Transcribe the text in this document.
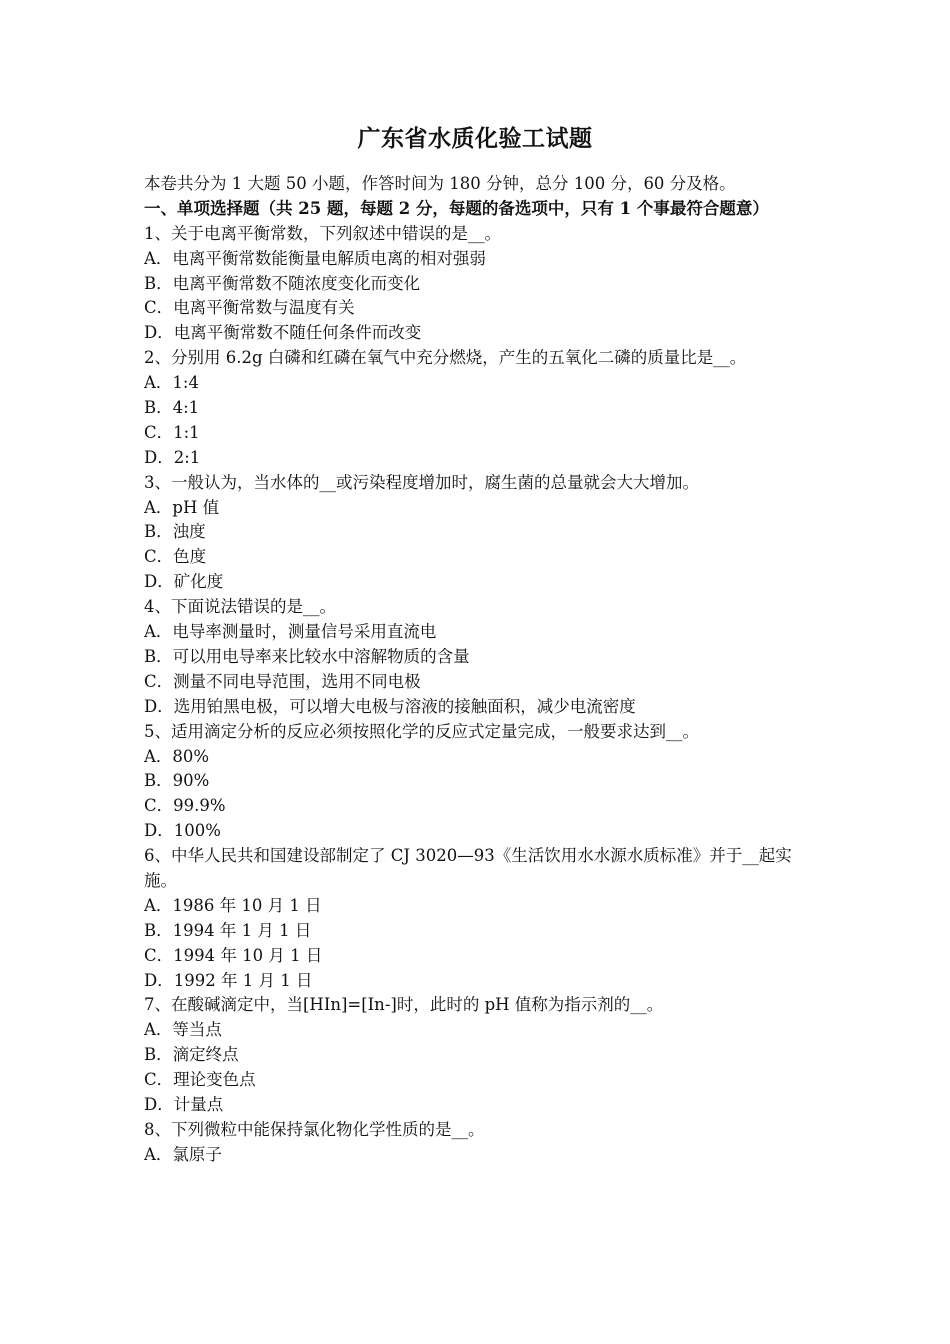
广东省水质化验工试题
本卷共分为 1 大题 50 小题，作答时间为 180 分钟，总分 100 分，60 分及格。
一、单项选择题（共 25 题，每题 2 分，每题的备选项中，只有 1 个事最符合题意）
1、关于电离平衡常数，下列叙述中错误的是__。
A．电离平衡常数能衡量电解质电离的相对强弱
B．电离平衡常数不随浓度变化而变化
C．电离平衡常数与温度有关
D．电离平衡常数不随任何条件而改变
2、分别用 6.2g 白磷和红磷在氧气中充分燃烧，产生的五氧化二磷的质量比是__。
A．1:4
B．4:1
C．1:1
D．2:1
3、一般认为，当水体的__或污染程度增加时，腐生菌的总量就会大大增加。
A．pH 值
B．浊度
C．色度
D．矿化度
4、下面说法错误的是__。
A．电导率测量时，测量信号采用直流电
B．可以用电导率来比较水中溶解物质的含量
C．测量不同电导范围，选用不同电极
D．选用铂黑电极，可以增大电极与溶液的接触面积，减少电流密度
5、适用滴定分析的反应必须按照化学的反应式定量完成，一般要求达到__。
A．80%
B．90%
C．99.9%
D．100%
6、中华人民共和国建设部制定了 CJ 3020—93《生活饮用水水源水质标准》并于__起实施。
A．1986 年 10 月 1 日
B．1994 年 1 月 1 日
C．1994 年 10 月 1 日
D．1992 年 1 月 1 日
7、在酸碱滴定中，当[HIn]=[In-]时，此时的 pH 值称为指示剂的__。
A．等当点
B．滴定终点
C．理论变色点
D．计量点
8、下列微粒中能保持氯化物化学性质的是__。
A．氯原子
